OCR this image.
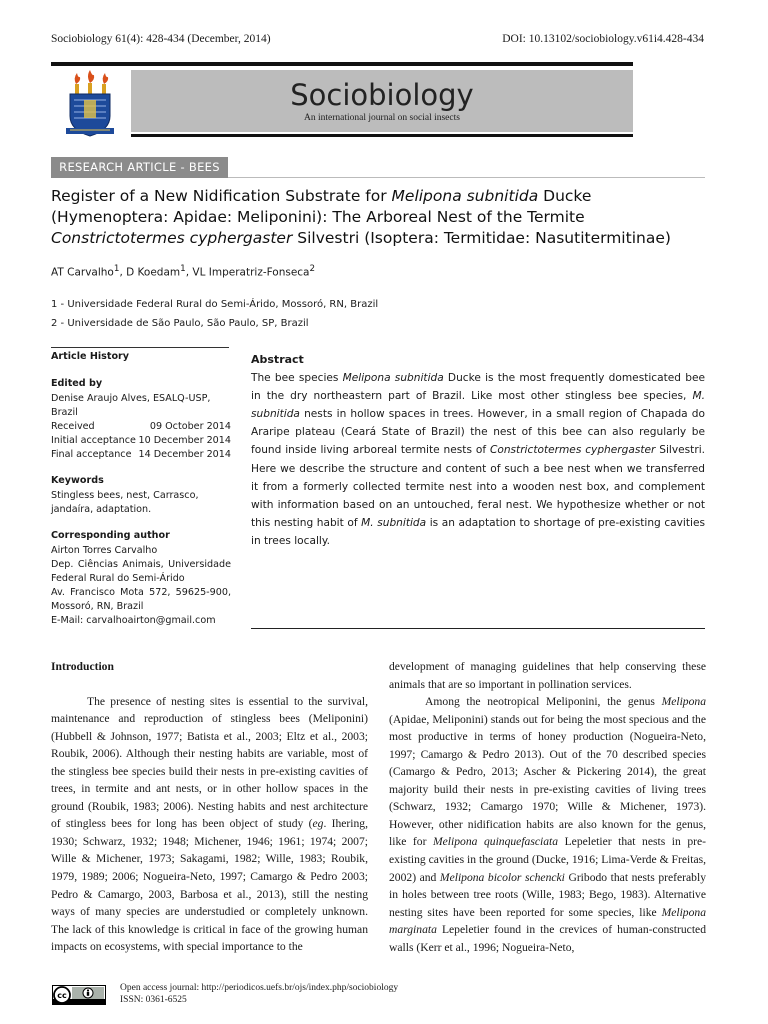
Sociobiology 61(4): 428-434 (December, 2014)	DOI: 10.13102/sociobiology.v61i4.428-434
Sociobiology
An international journal on social insects
RESEARCH ARTICLE - BEES
Register of a New Nidification Substrate for Melipona subnitida Ducke (Hymenoptera: Apidae: Meliponini): The Arboreal Nest of the Termite Constrictotermes cyphergaster Silvestri (Isoptera: Termitidae: Nasutitermitinae)
AT Carvalho$^1$, D Koedam$^1$, VL Imperatriz-Fonseca$^2$
1 - Universidade Federal Rural do Semi-Árido, Mossoró, RN, Brazil
2 - Universidade de São Paulo, São Paulo, SP, Brazil
Article History
Edited by
Denise Araujo Alves, ESALQ-USP, Brazil
Received	09 October 2014
Initial acceptance 10 December 2014
Final acceptance 14 December 2014
Keywords
Stingless bees, nest, Carrasco, jandaíra, adaptation.
Corresponding author
Airton Torres Carvalho
Dep. Ciências Animais, Universidade Federal Rural do Semi-Árido
Av. Francisco Mota 572, 59625-900, Mossoró, RN, Brazil
E-Mail: carvalhoairton@gmail.com
Abstract
The bee species Melipona subnitida Ducke is the most frequently domesticated bee in the dry northeastern part of Brazil. Like most other stingless bee species, M. subnitida nests in hollow spaces in trees. However, in a small region of Chapada do Araripe plateau (Ceará State of Brazil) the nest of this bee can also regularly be found inside living arboreal termite nests of Constrictotermes cyphergaster Silvestri. Here we describe the structure and content of such a bee nest when we transferred it from a formerly collected termite nest into a wooden nest box, and complement with information based on an untouched, feral nest. We hypothesize whether or not this nesting habit of M. subnitida is an adaptation to shortage of pre-existing cavities in trees locally.
Introduction

The presence of nesting sites is essential to the survival, maintenance and reproduction of stingless bees (Meliponini) (Hubbell & Johnson, 1977; Batista et al., 2003; Eltz et al., 2003; Roubik, 2006). Although their nesting habits are variable, most of the stingless bee species build their nests in pre-existing cavities of trees, in termite and ant nests, or in other hollow spaces in the ground (Roubik, 1983; 2006). Nesting habits and nest architecture of stingless bees for long has been object of study (eg. Ihering, 1930; Schwarz, 1932; 1948; Michener, 1946; 1961; 1974; 2007; Wille & Michener, 1973; Sakagami, 1982; Wille, 1983; Roubik, 1979, 1989; 2006; Nogueira-Neto, 1997; Camargo & Pedro 2003; Pedro & Camargo, 2003, Barbosa et al., 2013), still the nesting ways of many species are understudied or completely unknown. The lack of this knowledge is critical in face of the growing human impacts on ecosystems, with special importance to the

development of managing guidelines that help conserving these animals that are so important in pollination services.

Among the neotropical Meliponini, the genus Melipona (Apidae, Meliponini) stands out for being the most specious and the most productive in terms of honey production (Nogueira-Neto, 1997; Camargo & Pedro 2013). Out of the 70 described species (Camargo & Pedro, 2013; Ascher & Pickering 2014), the great majority build their nests in pre-existing cavities of living trees (Schwarz, 1932; Camargo 1970; Wille & Michener, 1973). However, other nidification habits are also known for the genus, like for Melipona quinquefasciata Lepeletier that nests in pre-existing cavities in the ground (Ducke, 1916; Lima-Verde & Freitas, 2002) and Melipona bicolor schencki Gribodo that nests preferably in holes between tree roots (Wille, 1983; Bego, 1983). Alternative nesting sites have been reported for some species, like Melipona marginata Lepeletier found in the crevices of human-constructed walls (Kerr et al., 1996; Nogueira-Neto,

cc
Open access journal: http://periodicos.uefs.br/ojs/index.php/sociobiology
ISSN: 0361-6525
